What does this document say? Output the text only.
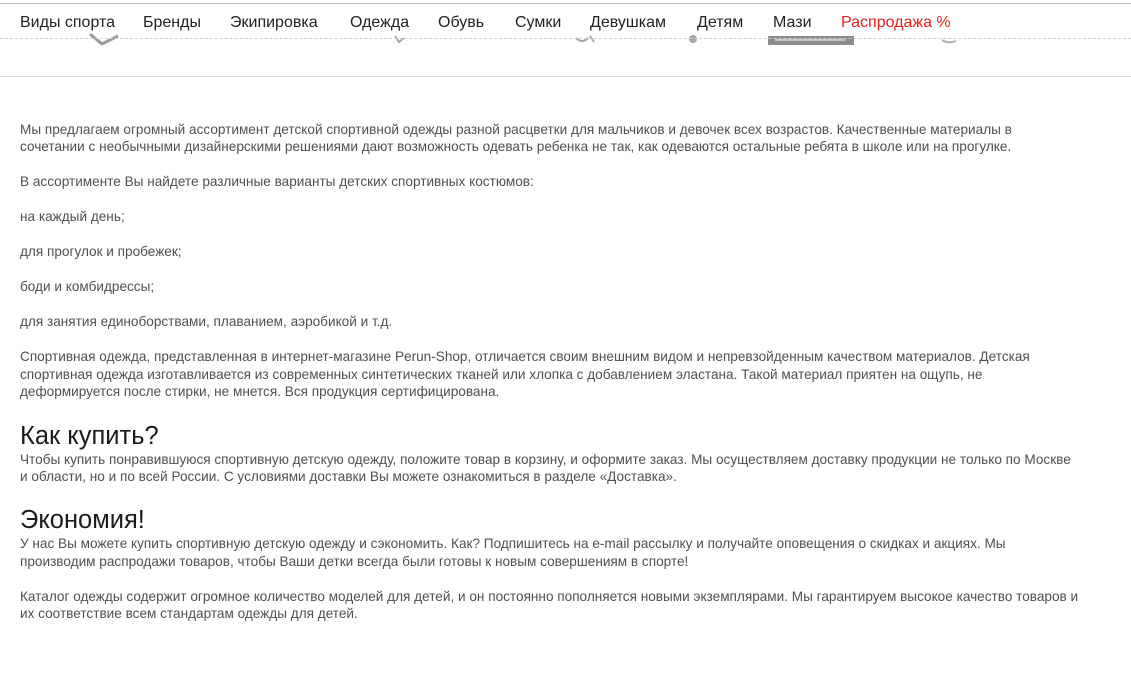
Виды спорта Бренды Экипировка Одежда Обувь Сумки Девушкам Детям Мази Распродажа %

Мы предлагаем огромный ассортимент детской спортивной одежды разной расцветки для мальчиков и девочек всех возрастов. Качественные материалы в сочетании с необычными дизайнерскими решениями дают возможность одевать ребенка не так, как одеваются остальные ребята в школе или на прогулке.

В ассортименте Вы найдете различные варианты детских спортивных костюмов:

на каждый день;

для прогулок и пробежек;

боди и комбидрессы;

для занятия единоборствами, плаванием, аэробикой и т.д.

Спортивная одежда, представленная в интернет-магазине Perun-Shop, отличается своим внешним видом и непревзойденным качеством материалов. Детская спортивная одежда изготавливается из современных синтетических тканей или хлопка с добавлением эластана. Такой материал приятен на ощупь, не деформируется после стирки, не мнется. Вся продукция сертифицирована.

Как купить?

Чтобы купить понравившуюся спортивную детскую одежду, положите товар в корзину, и оформите заказ. Мы осуществляем доставку продукции не только по Москве и области, но и по всей России. С условиями доставки Вы можете ознакомиться в разделе «Доставка».

Экономия!

У нас Вы можете купить спортивную детскую одежду и сэкономить. Как? Подпишитесь на e-mail рассылку и получайте оповещения о скидках и акциях. Мы производим распродажи товаров, чтобы Ваши детки всегда были готовы к новым совершениям в спорте!

Каталог одежды содержит огромное количество моделей для детей, и он постоянно пополняется новыми экземплярами. Мы гарантируем высокое качество товаров и их соответствие всем стандартам одежды для детей.
